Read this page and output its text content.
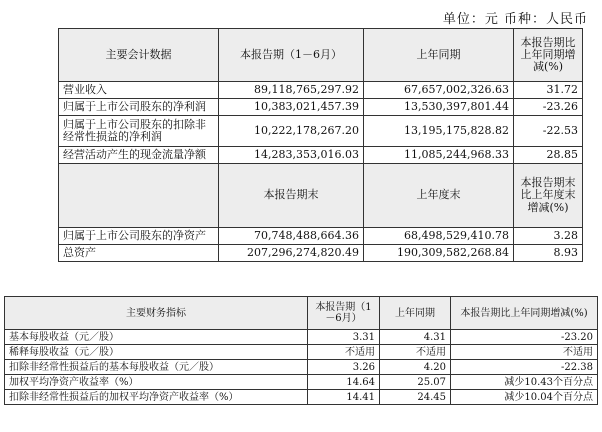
单位：元 币种：人民币
主要会计数据	本报告期（1－6月）	上年同期	本报告期比上年同期增减(%)
营业收入	89,118,765,297.92	67,657,002,326.63	31.72
归属于上市公司股东的净利润	10,383,021,457.39	13,530,397,801.44	-23.26
归属于上市公司股东的扣除非经常性损益的净利润	10,222,178,267.20	13,195,175,828.82	-22.53
经营活动产生的现金流量净额	14,283,353,016.03	11,085,244,968.33	28.85
	本报告期末	上年度末	本报告期末比上年度末增减(%)
归属于上市公司股东的净资产	70,748,488,664.36	68,498,529,410.78	3.28
总资产	207,296,274,820.49	190,309,582,268.84	8.93
主要财务指标	本报告期（1－6月）	上年同期	本报告期比上年同期增减(%)
基本每股收益（元／股）	3.31	4.31	-23.20
稀释每股收益（元／股）	不适用	不适用	不适用
扣除非经常性损益后的基本每股收益（元／股）	3.26	4.20	-22.38
加权平均净资产收益率（%）	14.64	25.07	减少10.43个百分点
扣除非经常性损益后的加权平均净资产收益率（%）	14.41	24.45	减少10.04个百分点
